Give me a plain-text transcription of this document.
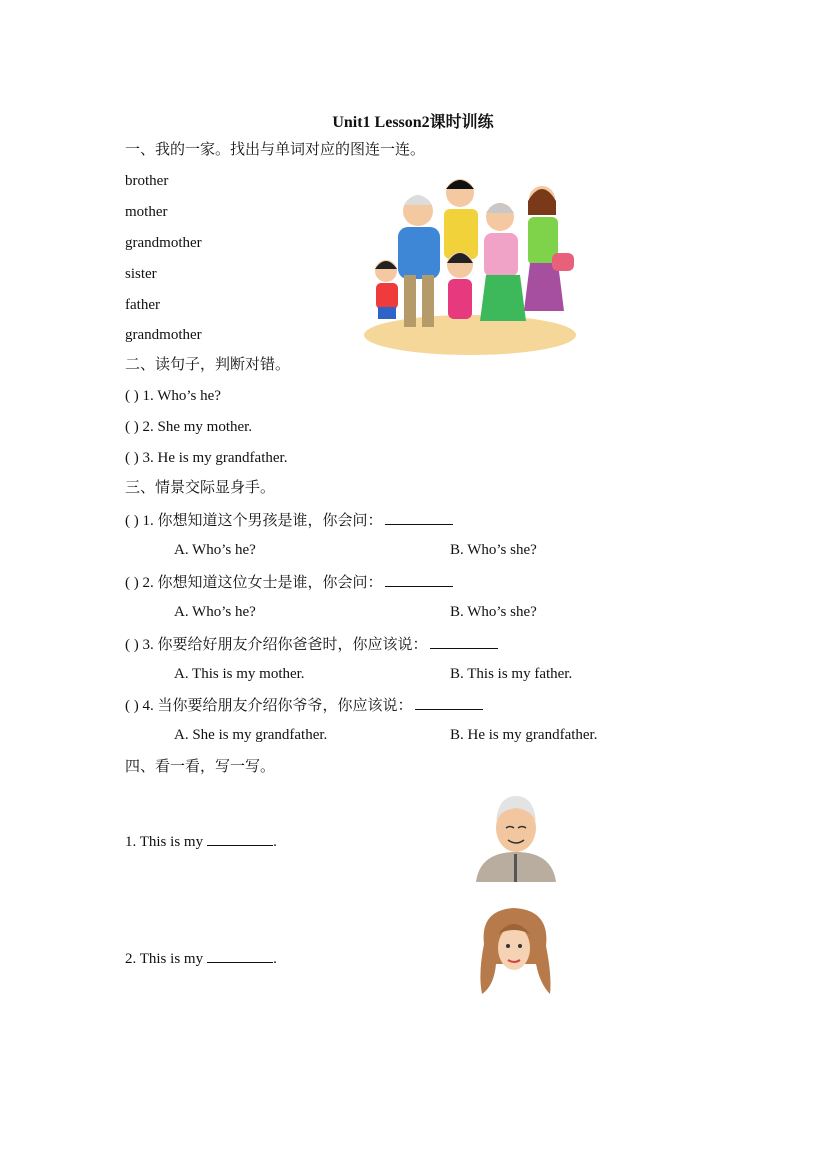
Unit1 Lesson2课时训练
一、我的一家。找出与单词对应的图连一连。
brother
mother
grandmother
sister
father
grandmother
二、读句子，判断对错。
( ) 1. Who’s he?
( ) 2. She my mother.
( ) 3. He is my grandfather.
三、情景交际显身手。
( ) 1. 你想知道这个男孩是谁，你会问：
A. Who’s he?	B. Who’s she?
( ) 2. 你想知道这位女士是谁，你会问：
A. Who’s he?	B. Who’s she?
( ) 3. 你要给好朋友介绍你爸爸时，你应该说：
A. This is my mother.	B. This is my father.
( ) 4. 当你要给朋友介绍你爷爷，你应该说：
A. She is my grandfather.	B. He is my grandfather.
四、看一看，写一写。
1. This is my	.
2. This is my	.
